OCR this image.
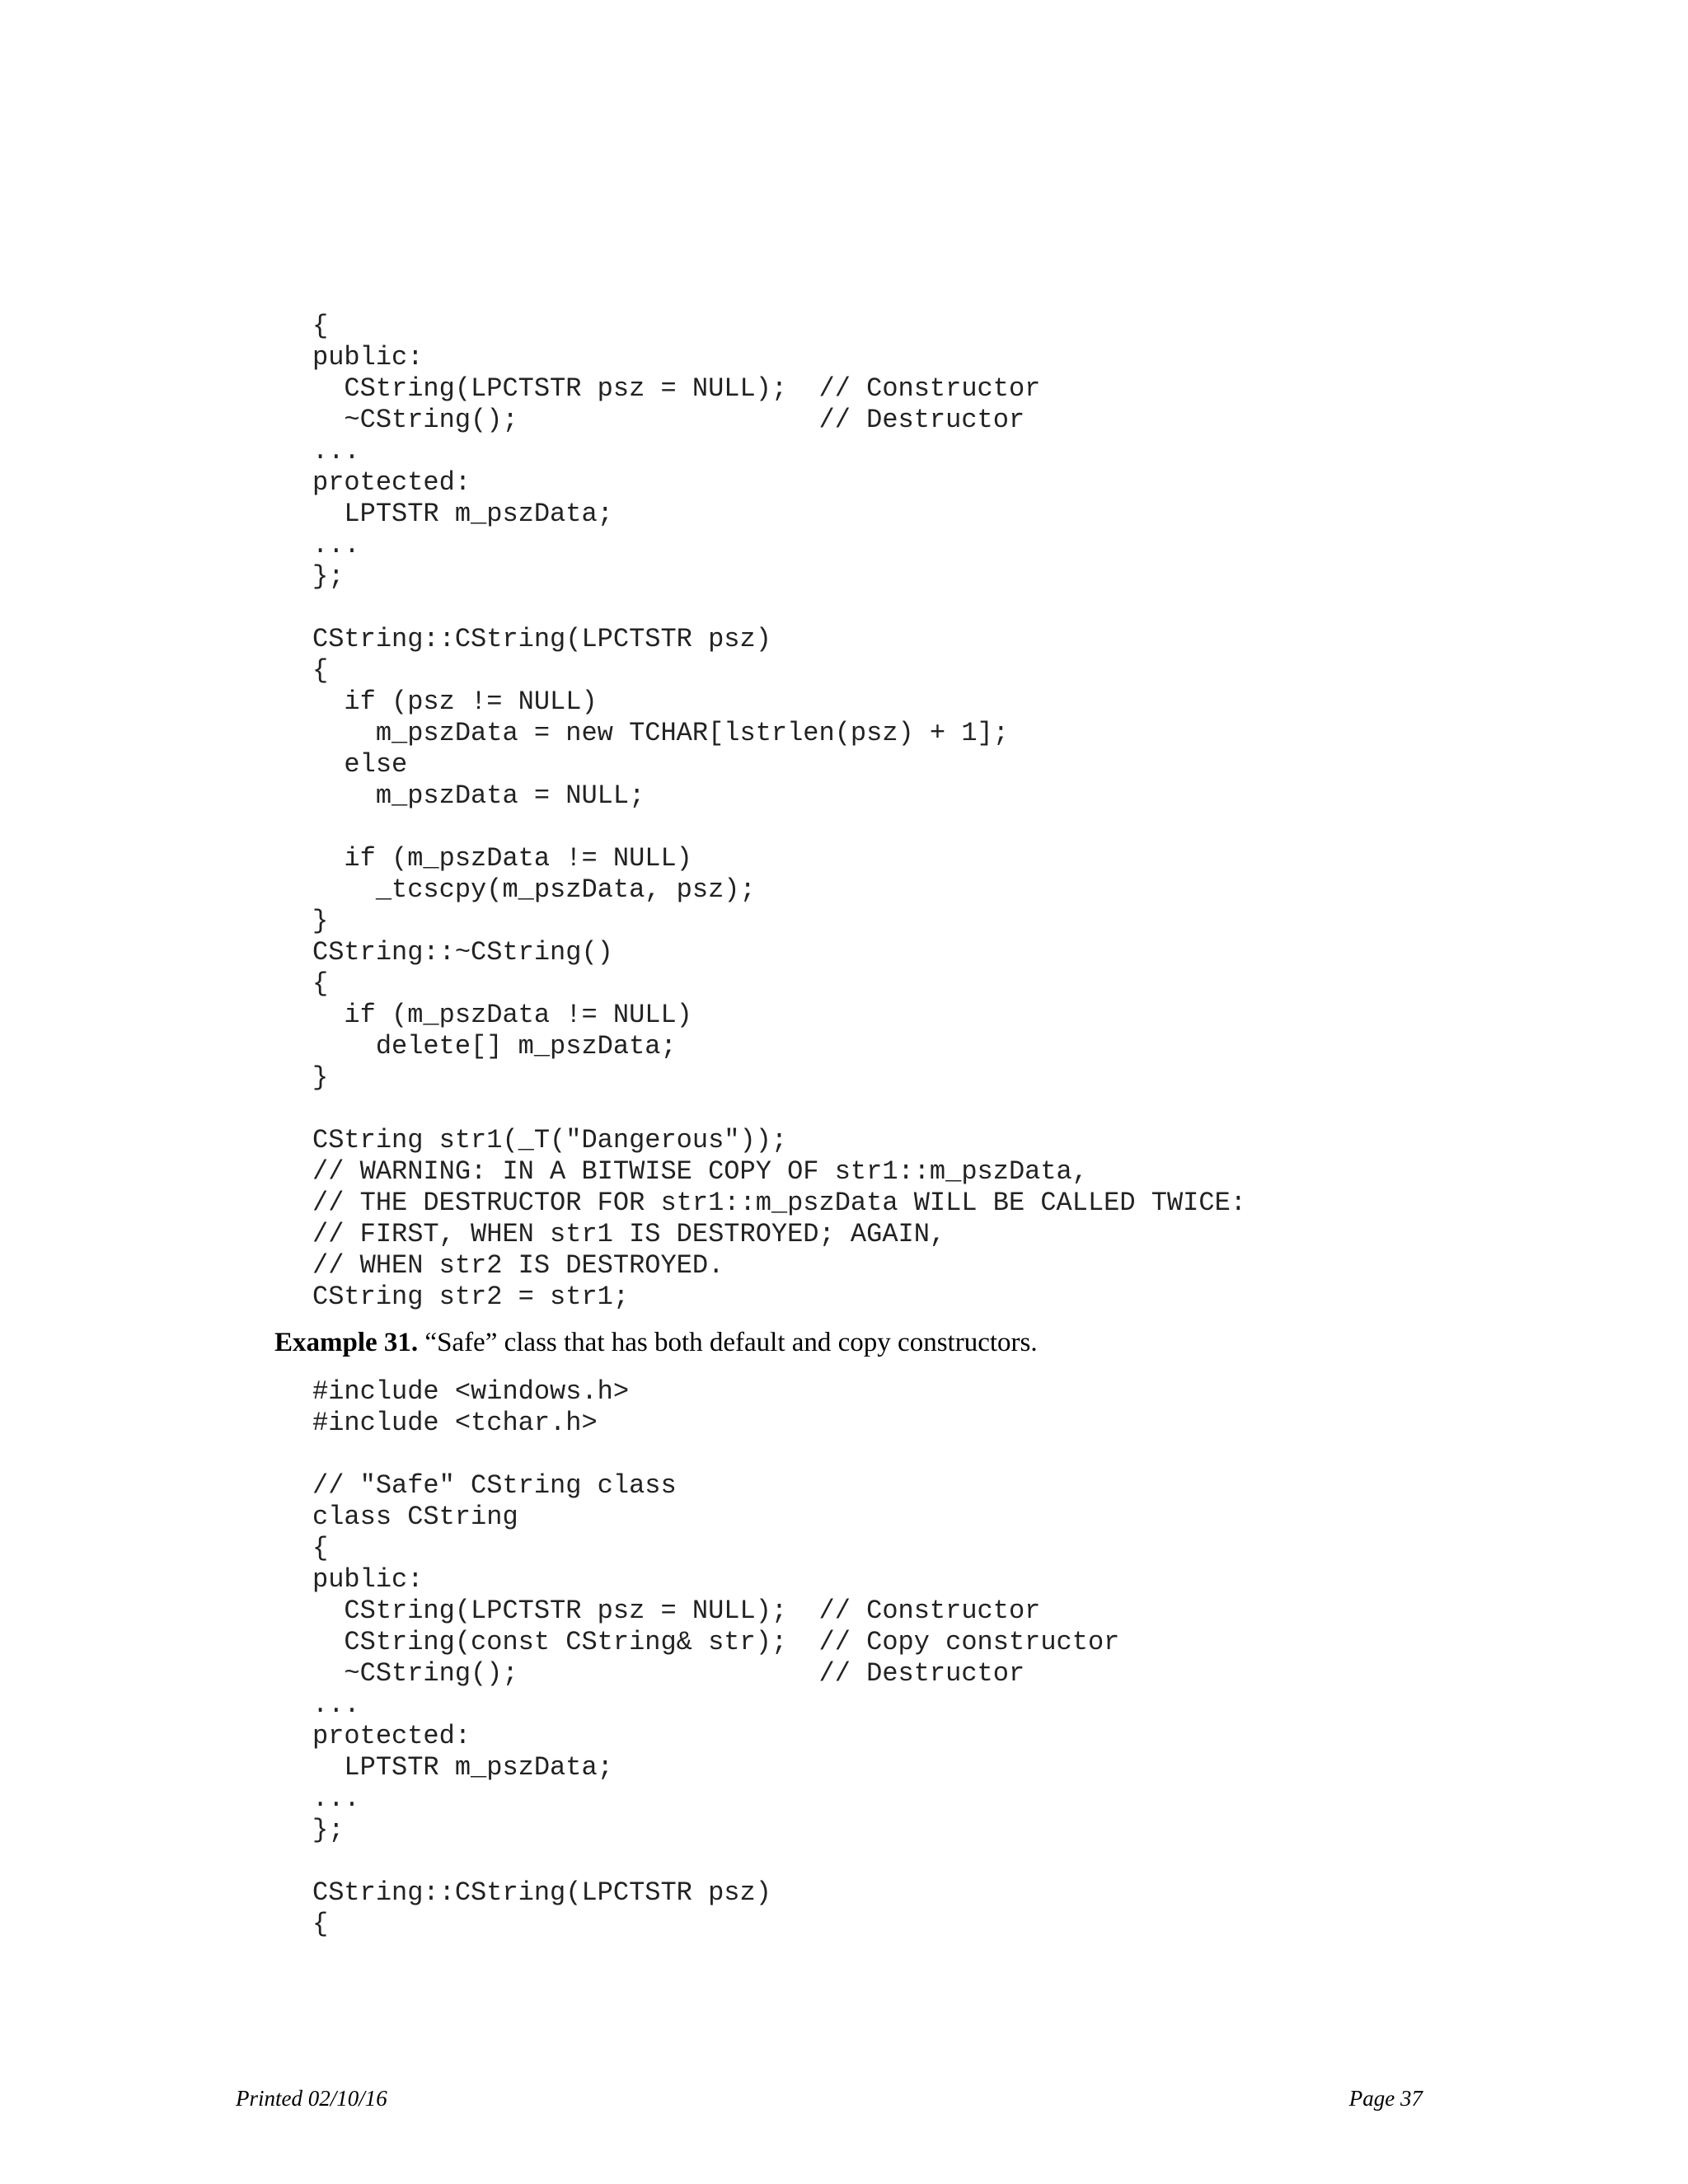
{
public:
CString(LPCTSTR psz = NULL);  // Constructor
~CString();                   // Destructor
...
protected:
LPTSTR m_pszData;
...
};

CString::CString(LPCTSTR psz)
{
if (psz != NULL)
m_pszData = new TCHAR[lstrlen(psz) + 1];
else
m_pszData = NULL;

if (m_pszData != NULL)
_tcscpy(m_pszData, psz);
}
CString::~CString()
{
if (m_pszData != NULL)
delete[] m_pszData;
}

CString str1(_T("Dangerous"));
// WARNING: IN A BITWISE COPY OF str1::m_pszData,
// THE DESTRUCTOR FOR str1::m_pszData WILL BE CALLED TWICE:
// FIRST, WHEN str1 IS DESTROYED; AGAIN,
// WHEN str2 IS DESTROYED.
CString str2 = str1;

Example 31. “Safe” class that has both default and copy constructors.

#include <windows.h>
#include <tchar.h>

// "Safe" CString class
class CString
{
public:
CString(LPCTSTR psz = NULL);  // Constructor
CString(const CString& str);  // Copy constructor
~CString();                   // Destructor
...
protected:
LPTSTR m_pszData;
...
};

CString::CString(LPCTSTR psz)
{
Printed 02/10/16	Page 37
